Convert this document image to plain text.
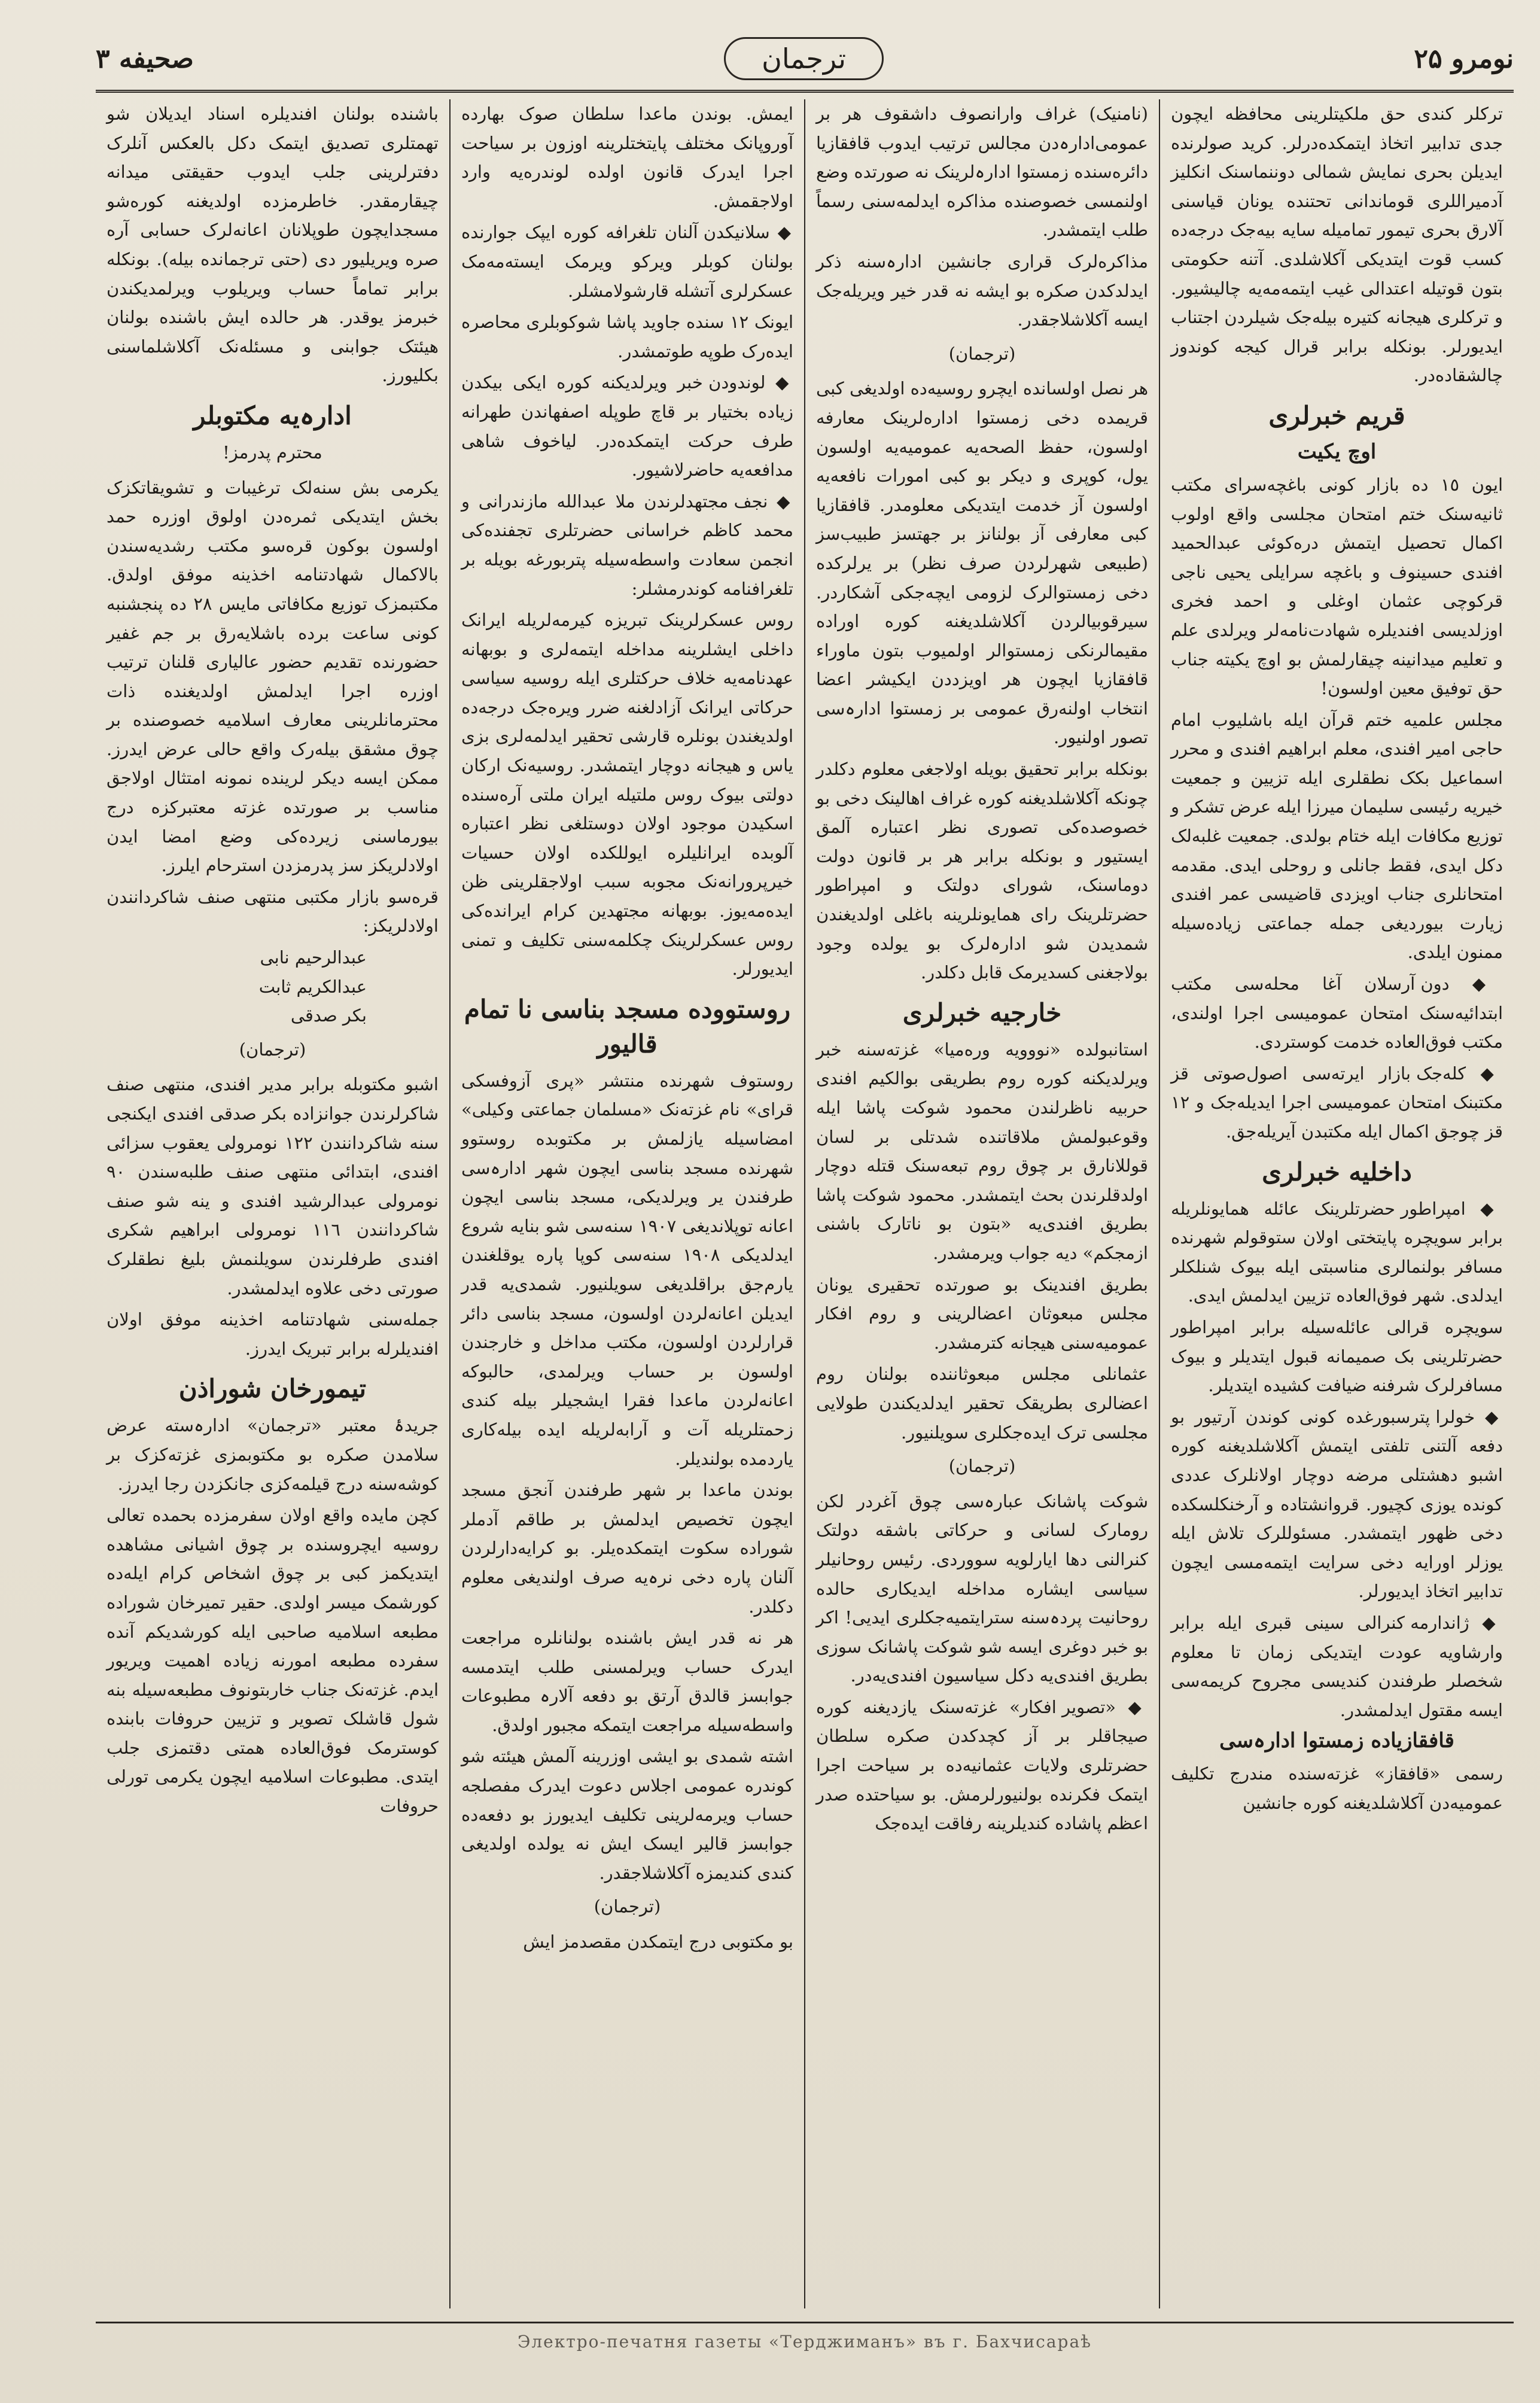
نومرو ۲۵
ترجمان
صحیفه ٣

ترکلر کندی حق ملکیتلرینی محافظه ایچون جدی تدابیر اتخاذ ایتمکده‌درلر. کرید صولرنده ایدیلن بحری نمایش شمالی دوننما‌سنک انکلیز آدمیراللری قوماندانی تحتنده یونان قیاسنی آلا‌رق بحری تیمور تمامیله سایه‌ بیه‌جک درجه‌ده کسب قوت ایتدیکی آکلاشلدی. آتنه حکومتی بتون قوتیله اعتدالی غیب ایتمه‌مه‌یه چالیشیور. و ترکلری هیجانه کتیره بیله‌جک شیلردن اجتناب ایدیورلر. بونکله برابر قرال کیجه کوندوز چالشقاده‌در.

قریم خبرلری
اوچ یکیت

ایون ١٥ ده بازار کونی باغچه‌سرای مکتب ثانیه‌سنک ختم امتحان مجلسی واقع اولوب اکمال تحصیل ایتمش دره‌کوئی عبدالحمید افندی حسینوف و باغچه سرایلی یحیی ناجی قرکوچی عثمان اوغلی و احمد فخری اوزلدیسی افندیلره شهادت‌نامه‌لر ویرلدی علم و تعلیم میدانینه چیقارلمش بو اوچ یکیته جناب حق توفیق معین اولسون!

مجلس علمیه ختم قرآن ایله باشلیوب امام حاجی امیر افندی، معلم ابراهیم افندی و محرر اسماعیل بکک نطقلری ایله تزیین و جمعیت خیریه رئیسی سلیمان میرزا ایله عرض تشکر و توزیع مکافات ایله ختام بولدی. جمعیت غلبه‌لک دکل ایدی، فقط جانلی و روحلی ایدی. مقدمه امتحانلری جناب اویزدی قاضیسی عمر افندی زیارت بیوردیغی جمله جماعتی زیاده‌سیله ممنون ایلدی.

◆ دون آرسلان آغا محله‌سی مکتب ابتدائیه‌سنک امتحان عمومیسی اجرا اولندی، مکتب فوق‌العاده خدمت کوستردی.

◆ کله‌جک بازار ایرته‌سی اصول‌صوتی قز مکتبنک امتحان عمومیسی اجرا ایدیله‌جک و ١٢ قز چوجق اکمال ایله مکتبدن آیریله‌جق.

داخلیه خبرلری

◆ امپراطور حضرتلرینک عائله همایونلریله برابر سویچره پایتختی اولان ستوقولم شهرنده مسافر بولنمالری مناسبتی ایله بیوک شنلکلر ایدلدی. شهر فوق‌العاده تزیین ایدلمش ایدی.

سویچره قرالی عائله‌سیله برابر امپراطور حضرتلرینی بک صمیمانه قبول ایتدیلر و بیوک مسافرلرک شرفنه ضیافت کشیده ایتدیلر.

◆ خولرا پترسبورغده کونی کوندن آرتیور بو دفعه آلتنی تلفتی ایتمش آکلاشلدیغنه کوره اشبو دهشتلی مرضه دوچار اولانلرک عددی کونده یوزی کچیور. قروانشتاده و آرخنکلسکده دخی ظهور ایتمشدر. مسئوللرک تلاش ایله یوزلر اورایه دخی سرایت ایتمه‌مسی ایچون تدابیر اتخاذ ایدیورلر.

◆ ژاندارمه کنرالی سینی قبری ایله برابر وارشاویه عودت ایتدیکی زمان تا معلوم شخصلر طرفندن کندیسی مجروح کریمه‌سی ایسه مقتول ایدلمشدر.

قافقازیاده زمستوا ادارہ‌سی

رسمی «قافقاز» غزته‌سنده مندرج تکلیف عمومیه‌دن آکلاشلدیغنه کوره جانشین

(نامنیک) غراف وارانصوف داشقوف هر بر عمومی‌ادارہ‌دن مجالس ترتیب ایدوب قافقازیا دائره‌سنده زمستوا ادارہ‌لرینک نه صورتده وضع اولنمسی خصوصنده مذاکره ایدلمه‌سنی رسماً طلب ایتمشدر.

مذاکره‌لرک قراری جانشین ادارہ‌سنه ذکر ایدلدکدن صکره بو ایشه نه قدر خیر ویریله‌جک ایسه آکلاشلاجقدر.

(ترجمان)

هر نصل اولسانده ایچرو روسیه‌ده اولدیغی کبی قریمده دخی زمستوا اداره‌لرینک معارفه اولسون، حفظ الصحه‌یه عمومیه‌یه اولسون یول، کوپری و دیکر بو کبی امورات نافعه‌یه اولسون آز خدمت ایتدیکی معلومدر. قافقازیا کبی معارفی آز بولنانز بر جهتسز طبیب‌سز (طبیعی شهرلردن صرف نظر) بر یرلرکده دخی زمستوا‌لرک لزومی ایچه‌جکی آشکاردر. سیرقوبیا‌لردن آکلاشلدیغنه کوره اوراده مقیمالرنکی زمستوالر اولمیوب بتون ماوراء قافقازیا ایچون هر اویزددن ایکیشر اعضا انتخاب اولنه‌رق عمومی بر زمستوا ادارہ‌سی تصور اولنیور.

بونکله برابر تحقیق بویله اولاجغی معلوم دکلدر چونکه آکلاشلدیغنه کوره غراف اهالینک دخی بو خصوصده‌کی تصوری نظر اعتباره آلمق ایستیور و بونکله برابر هر بر قانون دولت دوماسنک، شورای دولتک و امپراطور حضرتلرینک رای همایونلرینه باغلی اولدیغندن شمدیدن شو ادارہ‌لرک بو یولده وجود بولاجغنی کسدیرمک قابل دکلدر.

خارجیه خبرلری

استانبولده «نووویه وره‌میا» غزته‌سنه خبر ویرلدیکنه کوره روم بطریقی بوالکیم افندی حربیه ناظرلندن محمود شوکت پاشا ایله وقوعبولمش ملاقاتنده شدتلی بر لسان قوللانارق بر چوق روم تبعه‌سنک قتله دوچار اولدقلرندن بحث ایتمشدر. محمود شوکت پاشا بطریق افندی‌یه «بتون بو ناتارک باشنی ازمجکم» دیه جواب ویرمشدر.

بطریق افندینک بو صورتده تحقیری یونان مجلس مبعوثان اعضالرینی و روم افکار عمومیه‌سنی هیجانه کترمشدر.

عثمانلی مجلس مبعوثاننده بولنان روم اعضالری بطریقک تحقیر ایدلدیکندن طولایی مجلسی ترک ایده‌جکلری سویلنیور.

(ترجمان)

شوکت پاشانک عبارہ‌سی چوق آغردر لکن رومارک لسانی و حرکاتی باشقه دولتک کنرالنی دها ایارلویه سووردی. رئیس روحانیلر سیاسی ایشاره مداخله ایدیکاری حالده روحانیت پردہ‌سنه سترایتمیه‌جکلری ایدیی! اکر بو خبر دوغری ایسه شو شوکت پاشانک سوزی بطریق افندی‌یه دکل سیاسیون افندی‌یه‌در.

◆ «تصویر افکار» غزته‌سنک یازدیغنه کوره صیجاقلر بر آز کچدکدن صکره سلطان حضرتلری ولایات عثمانیه‌ده بر سیاحت اجرا ایتمک فکرنده بولنیورلرمش. بو سیاحتده صدر اعظم پاشاده کندیلرینه رفاقت ایده‌جک

ایمش. بوندن ماعدا سلطان صوک بهارده آوروپانک مختلف پایتختلرینه اوزون بر سیاحت اجرا ایدرک قانون اولده لوندره‌یه وارد اولاجقمش.

◆ سلانیکدن آلنان تلغرافه کوره ایپک جوارنده بولنان کوبلر ویرکو ویرمک ایسته‌مه‌مک عسکرلری آتشله قارشولامشلر.

ایونک ١٢ سنده جاوید پاشا شوکوبلری محاصره ایده‌رک طوپه طوتمشدر.

◆ لوندودن خبر ویرلدیکنه کوره ایکی بیکدن زیاده بختیار بر قاچ طوپله اصفهاندن طهرانه طرف حرکت ایتمکده‌در. لیاخوف شاهی مدافعه‌یه حاضرلاشیور.

◆ نجف مجتهدلرندن ملا عبدالله مازندرانی و محمد کاظم خراسانی حضرتلری تجفنده‌کی انجمن سعادت واسطه‌سیله پتربورغه بویله بر تلغرافنامه کوندرمشلر:

روس عسکرلرینک تبریزه کیرمه‌لریله ایرانک داخلی ایشلرینه مداخله ایتمه‌لری و بوبهانه عهدنامه‌یه خلاف حرکتلری ایله روسیه سیاسی حرکاتی ایرانک آزادلغنه ضرر ویره‌جک درجه‌ده اولدیغندن بونلره قارشی تحقیر ایدلمه‌لری بزی یاس و هیجانه دوچار ایتمشدر. روسیه‌نک ارکان دولتی بیوک روس ملتیله ایران ملتی آره‌سنده اسکیدن موجود اولان دوستلغی نظر اعتباره آلوبده ایرانلیلره ایوللکده اولان حسیات خیرپرورانه‌نک مجوبه سبب اولاجقلرینی ظن ایده‌مه‌یوز. بوبهانه مجتهدین کرام ایرانده‌کی روس عسکرلرینک چکلمه‌سنی تکلیف و تمنی ایدیورلر.

روستووده مسجد بناسی نا تمام قالیور

روستوف شهرنده منتشر «پری آزوفسکی قرای» نام غزته‌نک «مسلمان جماعتی وکیلی» امضاسیله یازلمش بر مکتوبده روستوو شهرنده مسجد بناسی ایچون شهر ادارہ‌سی طرفندن یر ویرلدیکی، مسجد بناسی ایچون اعانه توپلاندیغی ١٩٠٧ سنه‌سی شو بنایه شروع ایدلدیکی ١٩٠٨ سنه‌سی کوپا پاره یوقلغندن یارم‌جق براقلدیغی سویلنیور. شمدی‌یه قدر ایدیلن اعانه‌لردن اولسون، مسجد بناسی دائر قرارلردن اولسون، مکتب مداخل و خارجندن اولسون بر حساب ویرلمدی، حالبوکه اعانه‌لردن ماعدا فقرا ایشجیلر بیله کندی زحمتلریله آت و آرابه‌لریله ایده بیله‌کاری یاردمده بولندیلر.

بوندن ماعدا بر شهر طرفندن آنجق مسجد ایچون تخصیص ایدلمش بر طاقم آدملر شوراده سکوت ایتمکده‌یلر. بو کرایه‌دارلردن آلنان پاره دخی نرہ‌یه صرف اولندیغی معلوم دکلدر.

هر نه قدر ایش باشنده بولنانلره مراجعت ایدرک حساب ویرلمسنی طلب ایتدمسه جوابسز قالدق آرتق بو دفعه آلارہ مطبوعات واسطه‌سیله مراجعت ایتمکه مجبور اولدق.

اشته شمدی بو ایشی اوزرینه آلمش هیئته شو کوندره عمومی اجلاس دعوت ایدرک مفصلجه حساب ویرمه‌لرینی تکلیف ایدیورز بو دفعه‌ده جوابسز قالیر ایسک ایش نه یولده اولدیغی کندی کندیمزه آکلاشلاجقدر.

(ترجمان)

بو مکتوبی درج ایتمکدن مقصدمز ایش

باشنده بولنان افندیلره اسناد ایدیلان شو تهمتلری تصدیق ایتمک دکل بالعکس آنلرک دفترلرینی جلب ایدوب حقیقتی میدانه چیقارمقدر. خاطرمزده اولدیغنه کوره‌شو مسجدایچون طوپلانان اعانه‌لرک حسابی آره صره ویریلیور دی (حتی ترجمانده بیله). بونکله برابر تماماً حساب ویریلوب ویرلمدیکندن خبرمز یوقدر. هر حالده ایش باشنده بولنان هیئتک جوابنی و مسئله‌نک آکلاشلماسنی بکلیورز.

ادارہ‌یه مکتوبلر

محترم پدرمز!

یکرمی بش سنه‌لک ترغیبات و تشویقاتکزک بخش ایتدیکی ثمره‌دن اولوق اوزره حمد اولسون بوکون قرەسو مکتب رشدیه‌سندن بالاکمال شهادتنامه اخذینه موفق اولدق. مکتبمزک توزیع مکافاتی مایس ٢٨ ده پنجشنبه کونی ساعت برده باشلایه‌رق بر جم غفیر حضورنده تقدیم حضور عالیاری قلنان ترتیب اوزره اجرا ایدلمش اولدیغنده ذات محترمانلرینی معارف اسلامیه خصوصنده بر چوق مشقق بیله‌رک واقع حالی عرض ایدرز. ممکن ایسه دیکر لرینده نمونه امتثال اولاجق مناسب بر صورتده غزته معتبرکزه درج بیورماسنی زیرده‌کی وضع امضا ایدن اولادلریکز سز پدرمزدن استرحام ایلرز.

قرەسو بازار مکتبی منتهی صنف شاکردانندن اولادلریکز:

عبدالرحیم نابی

عبدالکریم ثابت

بکر صدقی

(ترجمان)

اشبو مکتوبله برابر مدیر افندی، منتهی صنف شاکرلرندن جوانزاده بکر صدقی افندی ایکنجی سنه شاکردانندن ١٢٢ نومرولی یعقوب سزائی افندی، ابتدائی منتهی صنف طلبه‌سندن ٩٠ نومرولی عبدالرشید افندی و ینه شو صنف شاکردانندن ١١٦ نومرولی ابراهیم شکری افندی طرفلرندن سویلنمش بلیغ نطقلرک صورتی دخی علاوه ایدلمشدر.

جمله‌سنی شهادتنامه اخذینه موفق اولان افندیلرله برابر تبریک ایدرز.

تیمورخان شوراذن

جریدۂ معتبر «ترجمان» ادارہ‌سته عرض سلامدن صکره بو مکتوبمزی غزته‌کزک بر کوشه‌سنه درج قیلمه‌کزی جانکزدن رجا ایدرز.

کچن مایده واقع اولان سفرمزده بحمده تعالی روسیه ایچروسنده بر چوق اشیانی مشاهده ایتدیکمز کبی بر چوق اشخاص کرام ایله‌ده کورشمک میسر اولدی. حقیر تمیرخان شوراده مطبعه اسلامیه صاحبی ایله کورشدیکم آنده سفرده مطبعه امورنه زیاده اهمیت ویریور ایدم. غزته‌نک جناب خاربتونوف مطبعه‌سیله بنه شول قاشلک تصویر و تزیین حروفات بابنده کوسترمک فوق‌العاده همتی دقتمزی جلب ایتدی. مطبوعات اسلامیه ایچون یکرمی تورلی حروفات

Электро-печатня газеты «Терджиманъ» въ г. Бахчисараѣ
